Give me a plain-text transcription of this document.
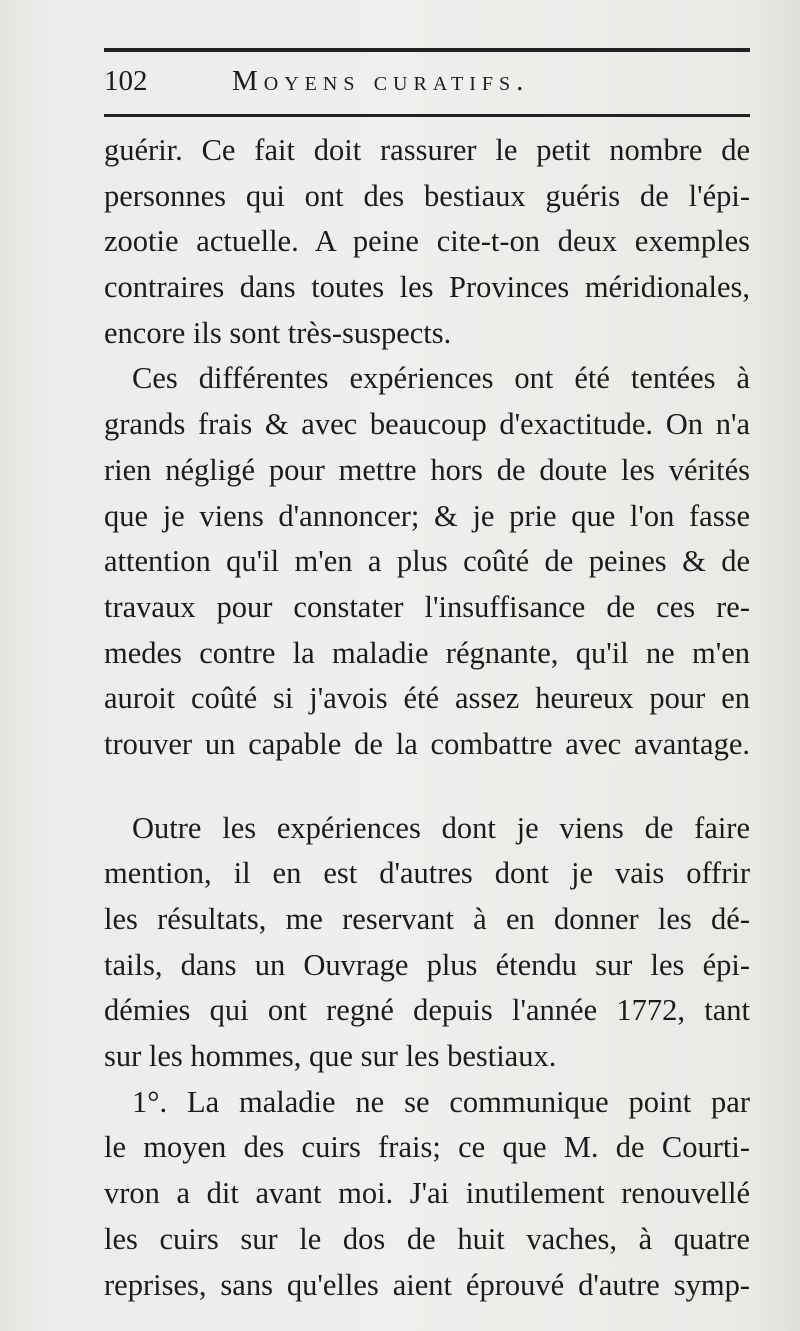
102	Moyens curatifs.
guérir. Ce fait doit rassurer le petit nombre de
personnes qui ont des bestiaux guéris de l'épi-
zootie actuelle. A peine cite-t-on deux exemples
contraires dans toutes les Provinces méridionales,
encore ils sont très-suspects.
Ces différentes expériences ont été tentées à
grands frais & avec beaucoup d'exactitude. On n'a
rien négligé pour mettre hors de doute les vérités
que je viens d'annoncer; & je prie que l'on fasse
attention qu'il m'en a plus coûté de peines & de
travaux pour constater l'insuffisance de ces re-
medes contre la maladie régnante, qu'il ne m'en
auroit coûté si j'avois été assez heureux pour en
trouver un capable de la combattre avec avantage.
Outre les expériences dont je viens de faire
mention, il en est d'autres dont je vais offrir
les résultats, me reservant à en donner les dé-
tails, dans un Ouvrage plus étendu sur les épi-
démies qui ont regné depuis l'année 1772, tant
sur les hommes, que sur les bestiaux.
1°. La maladie ne se communique point par
le moyen des cuirs frais; ce que M. de Courti-
vron a dit avant moi. J'ai inutilement renouvellé
les cuirs sur le dos de huit vaches, à quatre
reprises, sans qu'elles aient éprouvé d'autre symp-
